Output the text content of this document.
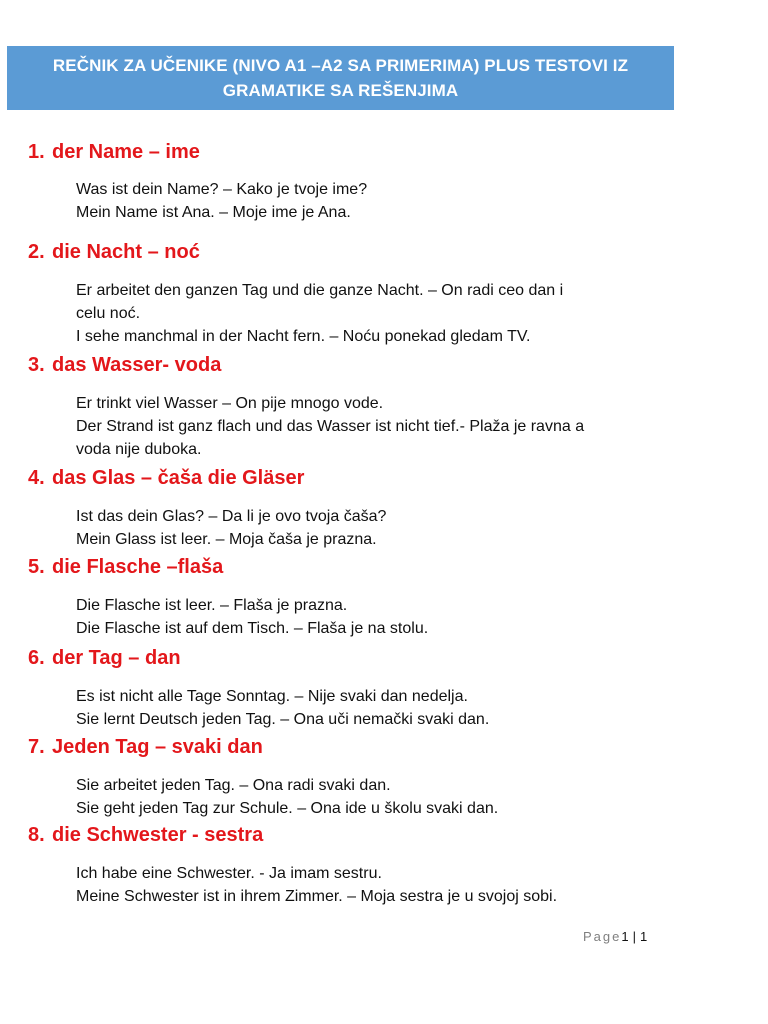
REČNIK ZA UČENIKE (NIVO A1 –A2 SA PRIMERIMA) PLUS TESTOVI IZ
GRAMATIKE SA REŠENJIMA
1. der Name – ime
Was ist dein Name? – Kako je tvoje ime?
Mein Name ist Ana. – Moje ime je Ana.
2. die Nacht – noć
Er arbeitet den ganzen Tag und die ganze Nacht. – On radi ceo dan i
celu noć.
I sehe manchmal in der Nacht fern. – Noću ponekad gledam TV.
3. das Wasser- voda
Er trinkt viel Wasser – On pije mnogo vode.
Der Strand ist ganz flach und das Wasser ist nicht tief.- Plaža je ravna a
voda nije duboka.
4. das Glas – čaša die Gläser
Ist das dein Glas? – Da li je ovo tvoja čaša?
Mein Glass ist leer. – Moja čaša je prazna.
5. die Flasche –flaša
Die Flasche ist leer. – Flaša je prazna.
Die Flasche ist auf dem Tisch. – Flaša je na stolu.
6. der Tag – dan
Es ist nicht alle Tage Sonntag. – Nije svaki dan nedelja.
Sie lernt Deutsch jeden Tag. – Ona uči nemački svaki dan.
7. Jeden Tag – svaki dan
Sie arbeitet jeden Tag. – Ona radi svaki dan.
Sie geht jeden Tag zur Schule. – Ona ide u školu svaki dan.
8. die Schwester - sestra
Ich habe eine Schwester. - Ja imam sestru.
Meine Schwester ist in ihrem Zimmer. – Moja sestra je u svojoj sobi.
Page1 | 1
